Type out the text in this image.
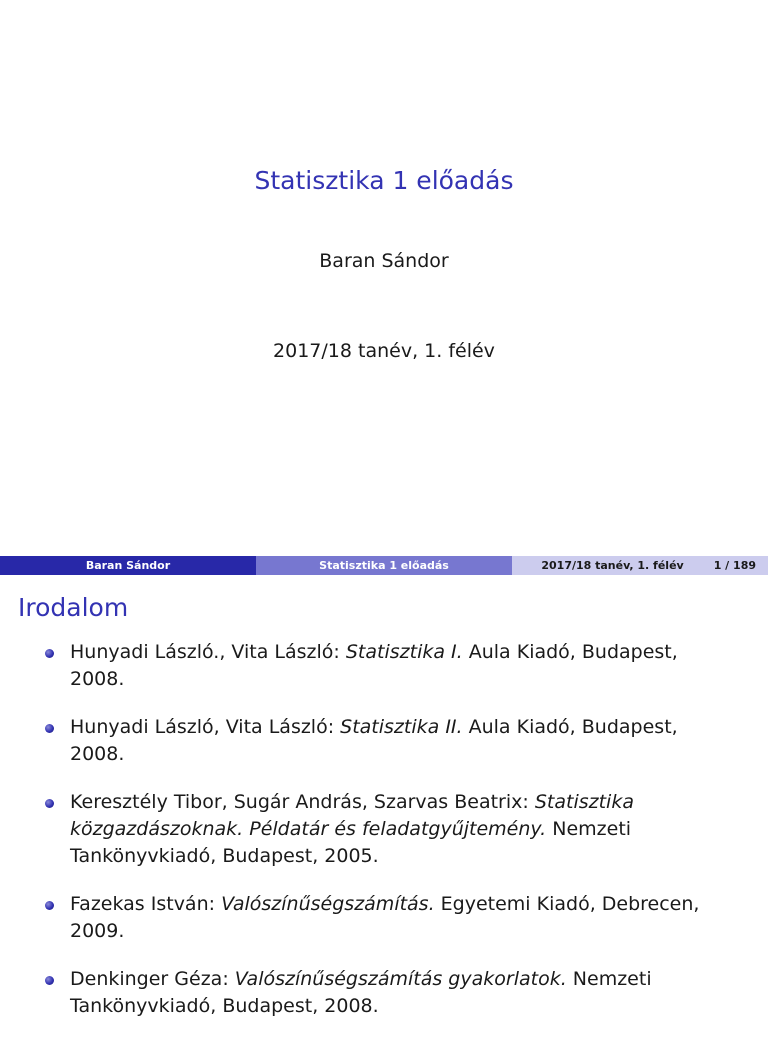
Statisztika 1 előadás
Baran Sándor
2017/18 tanév, 1. félév
Baran Sándor	Statisztika 1 előadás	2017/18 tanév, 1. félév	1 / 189
Irodalom
Hunyadi László., Vita László: Statisztika I. Aula Kiadó, Budapest, 2008.
Hunyadi László, Vita László: Statisztika II. Aula Kiadó, Budapest, 2008.
Keresztély Tibor, Sugár András, Szarvas Beatrix: Statisztika közgazdászoknak. Példatár és feladatgyűjtemény. Nemzeti Tankönyvkiadó, Budapest, 2005.
Fazekas István: Valószínűségszámítás. Egyetemi Kiadó, Debrecen, 2009.
Denkinger Géza: Valószínűségszámítás gyakorlatok. Nemzeti Tankönyvkiadó, Budapest, 2008.
